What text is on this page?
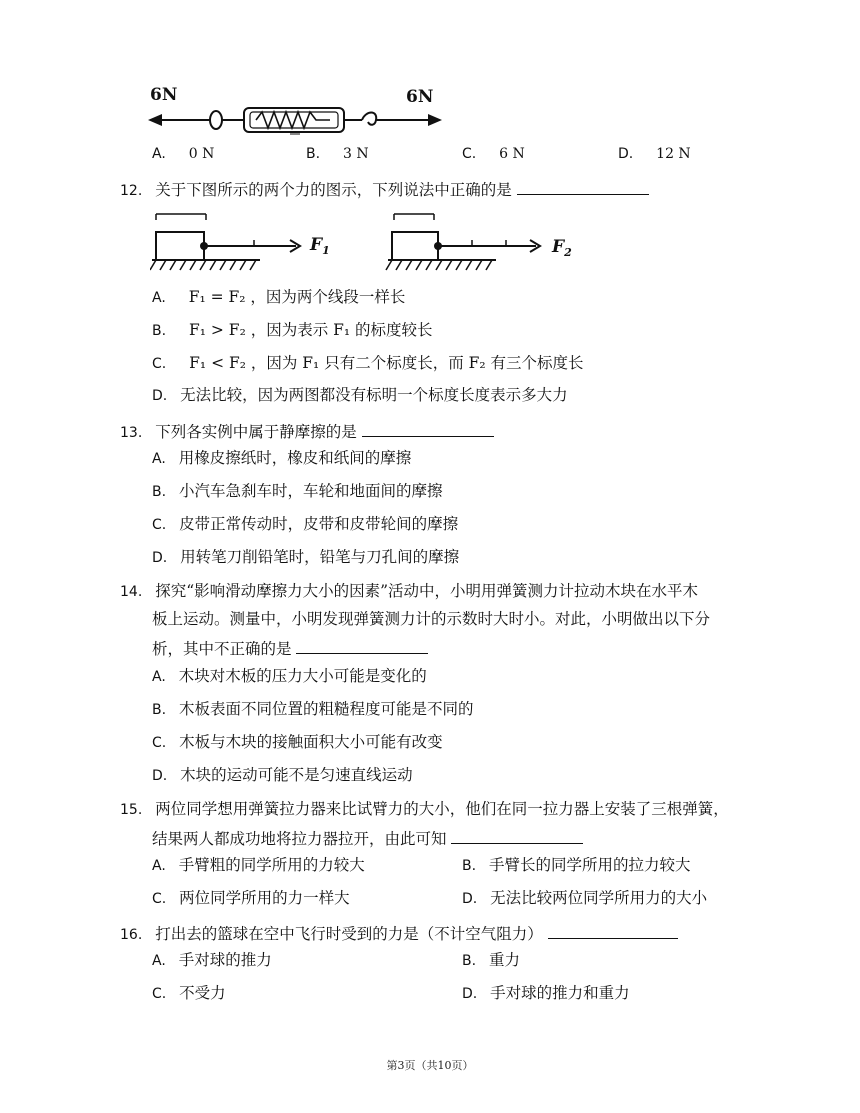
6N	6N
A. 0 N	B. 3 N	C. 6 N	D. 12 N
12. 关于下图所示的两个力的图示，下列说法中正确的是
$F_1$	$F_2$
A. F₁ = F₂ ，因为两个线段一样长
B. F₁ > F₂ ，因为表示 F₁ 的标度较长
C. F₁ < F₂ ，因为 F₁ 只有二个标度长，而 F₂ 有三个标度长
D. 无法比较，因为两图都没有标明一个标度长度表示多大力
13. 下列各实例中属于静摩擦的是
A. 用橡皮擦纸时，橡皮和纸间的摩擦
B. 小汽车急刹车时，车轮和地面间的摩擦
C. 皮带正常传动时，皮带和皮带轮间的摩擦
D. 用转笔刀削铅笔时，铅笔与刀孔间的摩擦
14. 探究“影响滑动摩擦力大小的因素”活动中，小明用弹簧测力计拉动木块在水平木
板上运动。测量中，小明发现弹簧测力计的示数时大时小。对此，小明做出以下分
析，其中不正确的是
A. 木块对木板的压力大小可能是变化的
B. 木板表面不同位置的粗糙程度可能是不同的
C. 木板与木块的接触面积大小可能有改变
D. 木块的运动可能不是匀速直线运动
15. 两位同学想用弹簧拉力器来比试臂力的大小，他们在同一拉力器上安装了三根弹簧，
结果两人都成功地将拉力器拉开，由此可知
A. 手臂粗的同学所用的力较大	B. 手臂长的同学所用的拉力较大
C. 两位同学所用的力一样大	D. 无法比较两位同学所用力的大小
16. 打出去的篮球在空中飞行时受到的力是（不计空气阻力）
A. 手对球的推力	B. 重力
C. 不受力	D. 手对球的推力和重力
第3页（共10页）
